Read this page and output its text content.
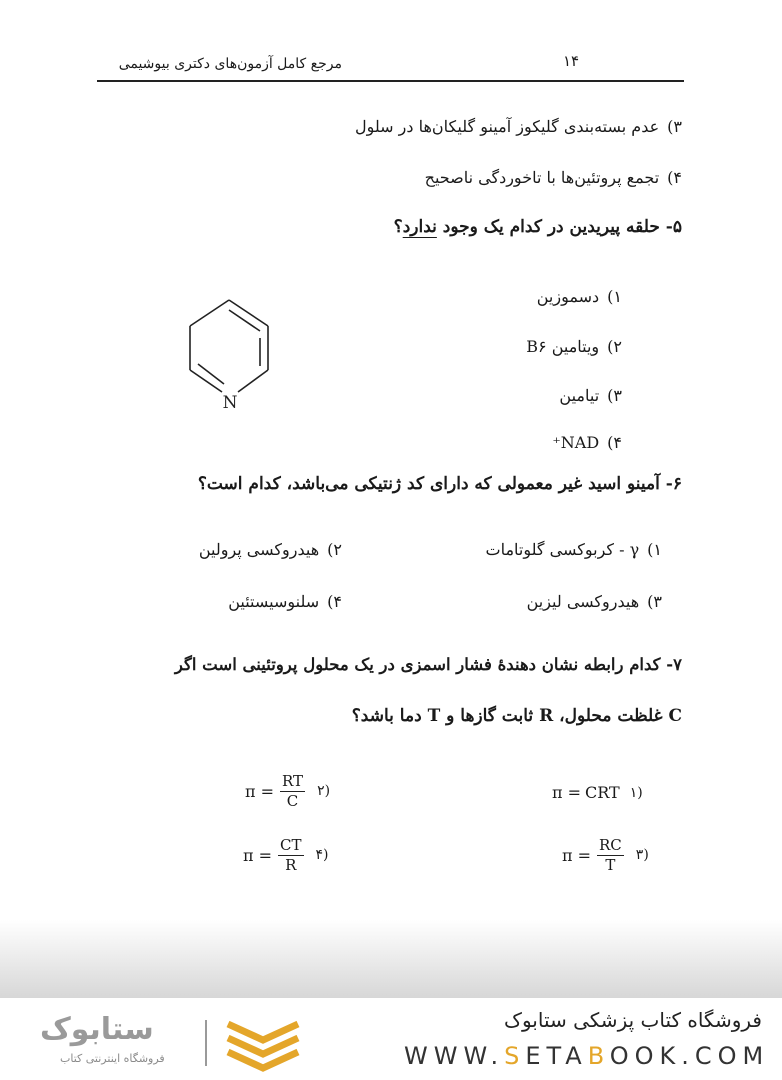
مرجع کامل آزمون‌های دکتری بیوشیمی	۱۴
۳)عدم بسته‌بندی گلیکوز آمینو گلیکان‌ها در سلول
۴)تجمع پروتئین‌ها با تاخوردگی ناصحیح
۵- حلقه پیریدین در کدام یک وجود ندارد؟
N
۱)دسموزین
۲)ویتامین B۶
۳)تیامین
۴)NAD⁺
۶- آمینو اسید غیر معمولی که دارای کد ژنتیکی می‌باشد، کدام است؟
۱)γ - کربوکسی گلوتامات
۲)هیدروکسی پرولین
۳)هیدروکسی لیزین
۴)سلنوسیستئین
۷- کدام رابطه نشان دهندهٔ فشار اسمزی در یک محلول پروتئینی است اگر
C غلظت محلول، R ثابت گازها و T دما باشد؟
π = CRT ۱)
$\pi = \frac{RT}{C}$ ۲)
$\pi = \frac{RC}{T}$ ۳)
$\pi = \frac{CT}{R}$ ۴)
فروشگاه کتاب پزشکی ستابوک
WWW.SETABOOK.COM
ستابوک
فروشگاه اینترنتی کتاب
